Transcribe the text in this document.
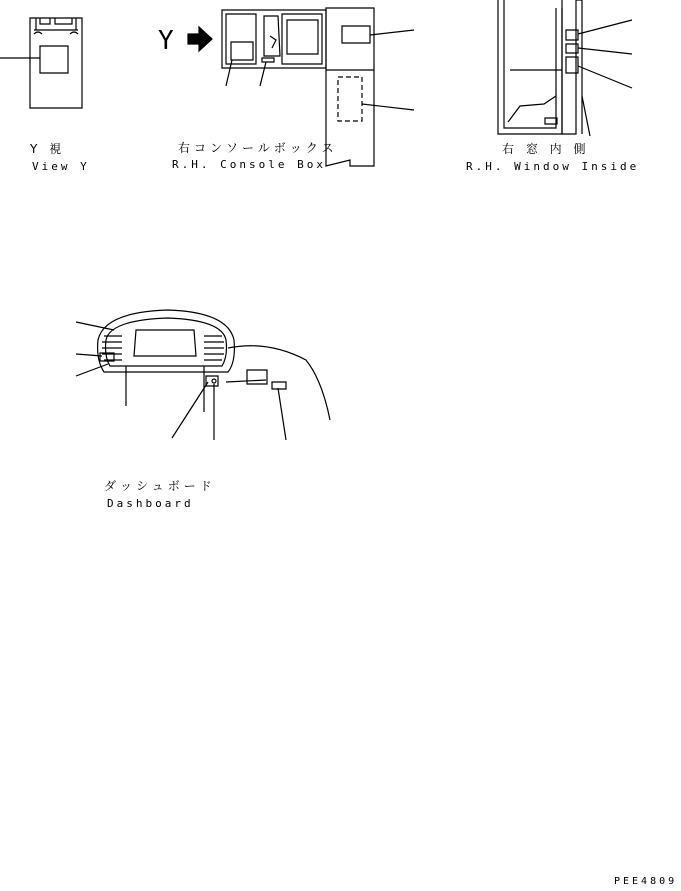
Y
Y 視
View Y
右コンソールボックス
R.H. Console Box
右 窓 内 側
R.H. Window Inside
ダッシュボード
Dashboard
PEE4809
